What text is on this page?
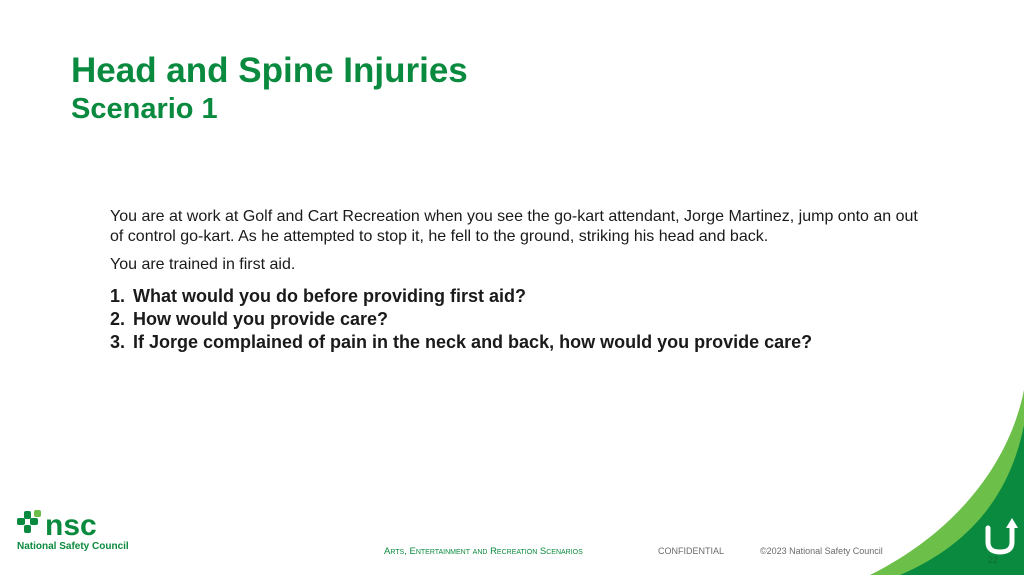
Head and Spine Injuries
Scenario 1

You are at work at Golf and Cart Recreation when you see the go-kart attendant, Jorge Martinez, jump onto an out of control go-kart. As he attempted to stop it, he fell to the ground, striking his head and back.

You are trained in first aid.

1. What would you do before providing first aid?
2. How would you provide care?
3. If Jorge complained of pain in the neck and back, how would you provide care?
nsc
National Safety Council	Arts, Entertainment and Recreation Scenarios	CONFIDENTIAL	©2023 National Safety Council
22
